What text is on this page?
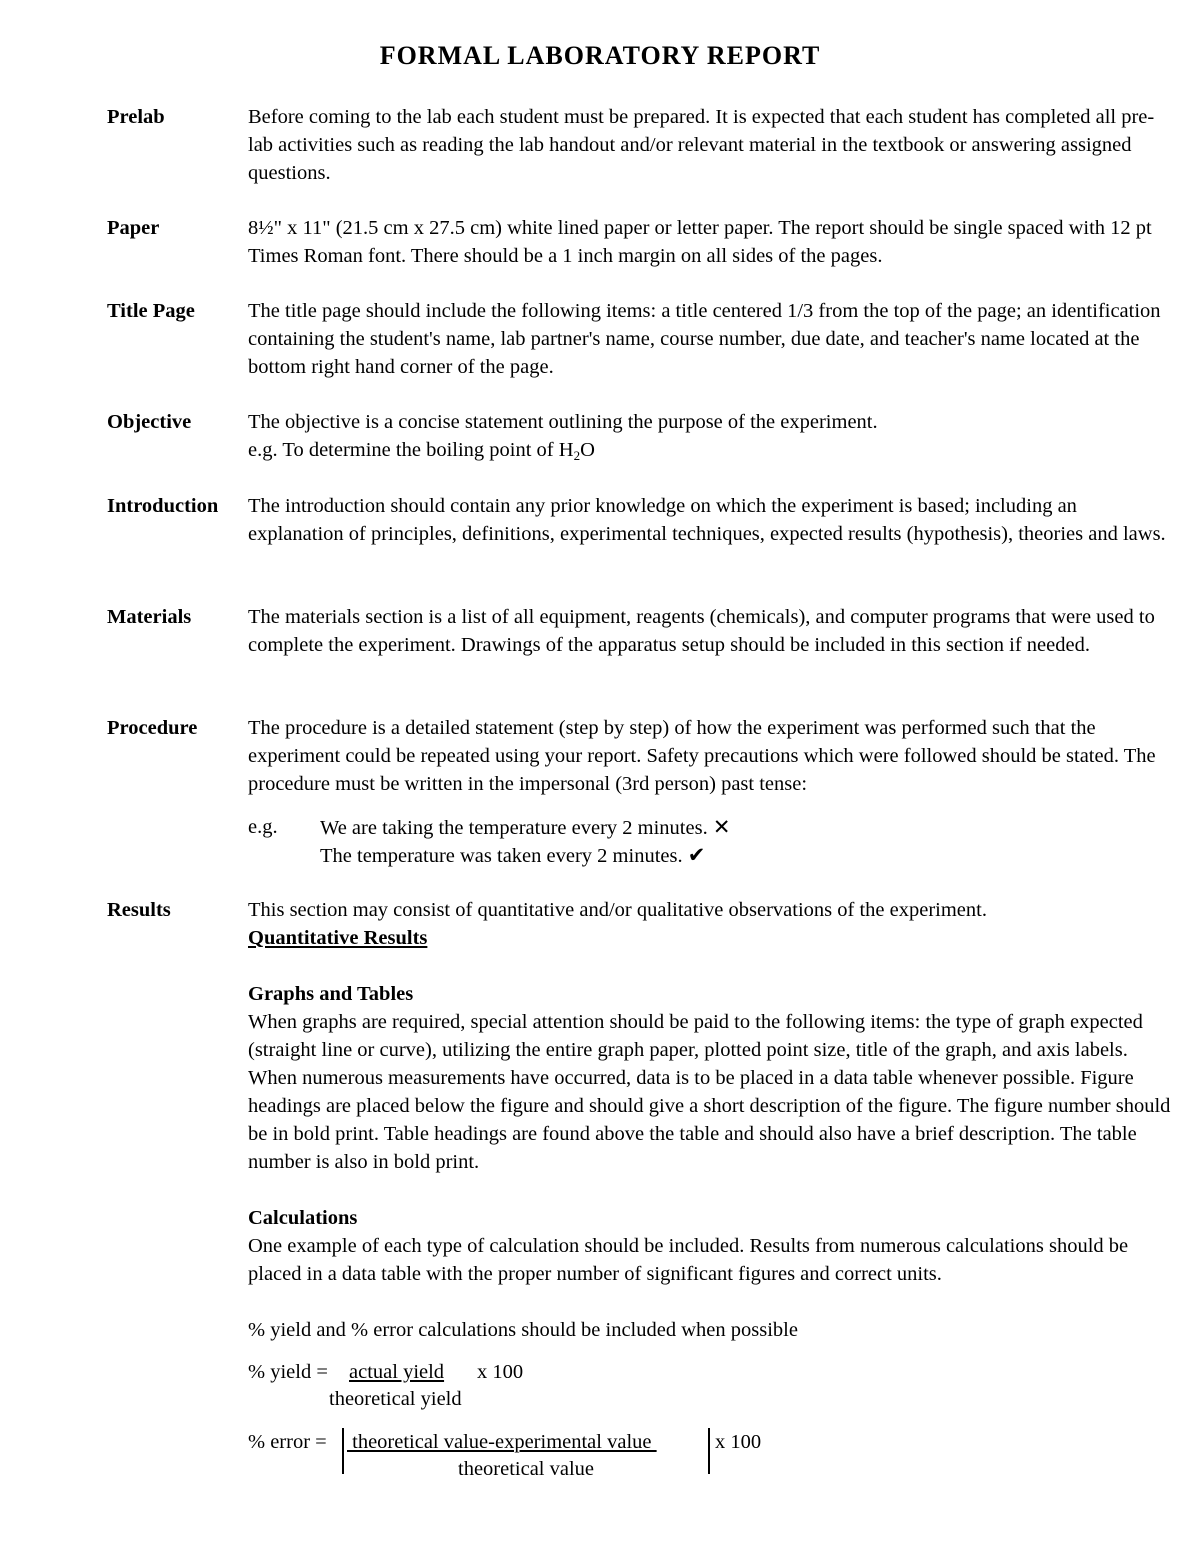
FORMAL LABORATORY REPORT
Prelab	Before coming to the lab each student must be prepared. It is expected that each student has completed all pre-lab activities such as reading the lab handout and/or relevant material in the textbook or answering assigned questions.

Paper	8½" x 11" (21.5 cm x 27.5 cm) white lined paper or letter paper. The report should be single spaced with 12 pt Times Roman font. There should be a 1 inch margin on all sides of the pages.

Title Page	The title page should include the following items: a title centered 1/3 from the top of the page; an identification containing the student's name, lab partner's name, course number, due date, and teacher's name located at the bottom right hand corner of the page.

Objective	The objective is a concise statement outlining the purpose of the experiment.

e.g. To determine the boiling point of H2O

Introduction The introduction should contain any prior knowledge on which the experiment is based; including an explanation of principles, definitions, experimental techniques, expected results (hypothesis), theories and laws.

Materials	The materials section is a list of all equipment, reagents (chemicals), and computer programs that were used to complete the experiment. Drawings of the apparatus setup should be included in this section if needed.

Procedure The procedure is a detailed statement (step by step) of how the experiment was performed such that the experiment could be repeated using your report. Safety precautions which were followed should be stated. The procedure must be written in the impersonal (3rd person) past tense:

e.g. We are taking the temperature every 2 minutes. ✕
The temperature was taken every 2 minutes. ✔
Results	This section may consist of quantitative and/or qualitative observations of the experiment.

Quantitative Results

Graphs and Tables

When graphs are required, special attention should be paid to the following items: the type of graph expected (straight line or curve), utilizing the entire graph paper, plotted point size, title of the graph, and axis labels. When numerous measurements have occurred, data is to be placed in a data table whenever possible. Figure headings are placed below the figure and should give a short description of the figure. The figure number should be in bold print. Table headings are found above the table and should also have a brief description. The table number is also in bold print.

Calculations

One example of each type of calculation should be included. Results from numerous calculations should be placed in a data table with the proper number of significant figures and correct units.

% yield and % error calculations should be included when possible

% yield = actual yield x 100
theoretical yield
% error = theoretical value-experimental value	x 100
theoretical value
